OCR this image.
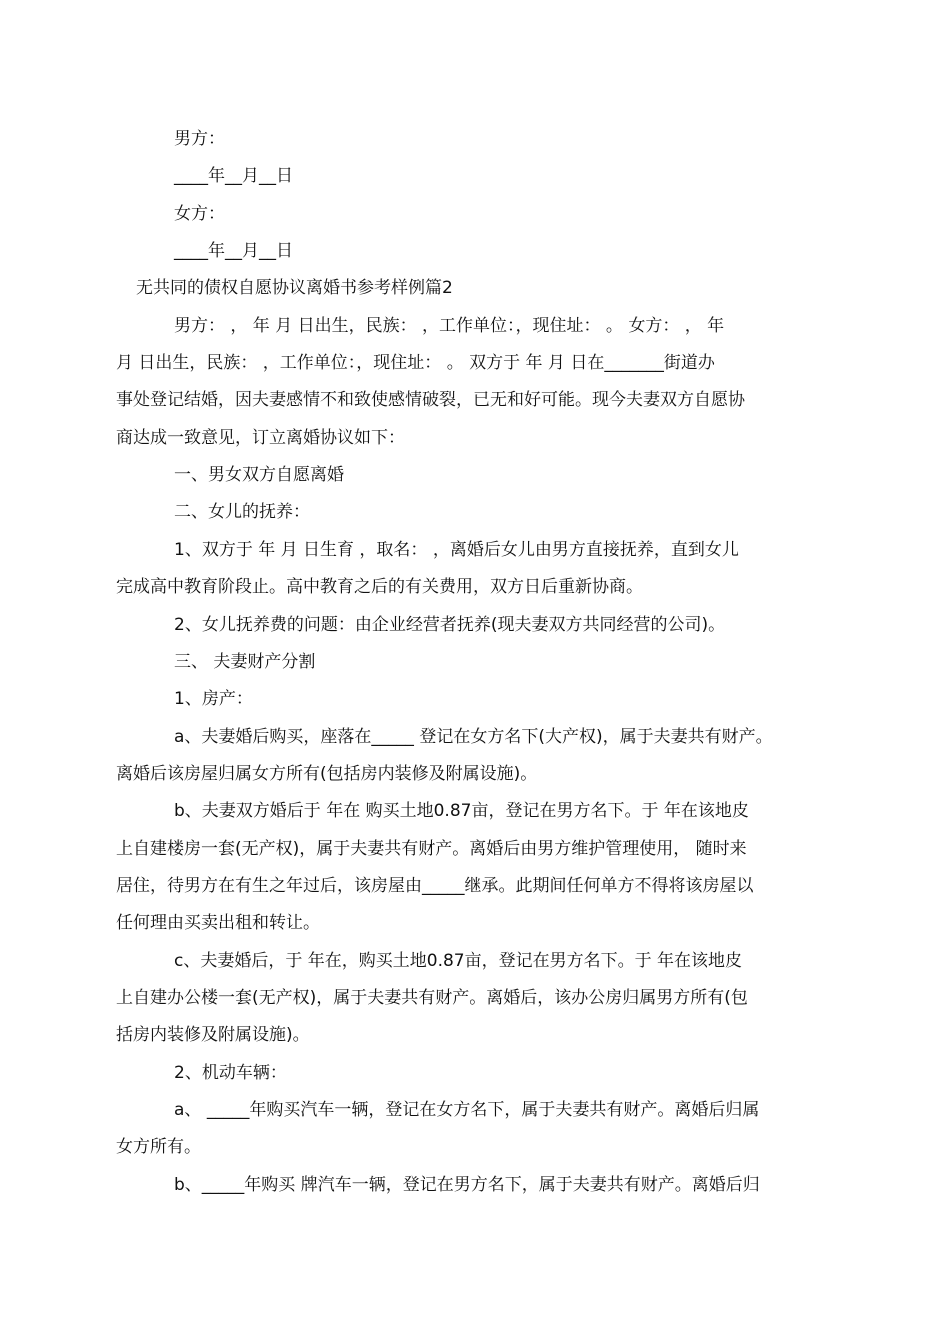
男方：
____年__月__日
女方：
____年__月__日
无共同的债权自愿协议离婚书参考样例篇2
男方： ， 年 月 日出生，民族： ，工作单位：，现住址： 。 女方： ， 年
月 日出生，民族： ，工作单位：，现住址： 。 双方于 年 月 日在_______街道办
事处登记结婚，因夫妻感情不和致使感情破裂，已无和好可能。现今夫妻双方自愿协
商达成一致意见，订立离婚协议如下：
一、男女双方自愿离婚
二、女儿的抚养：
1、双方于 年 月 日生育 ，取名： ，离婚后女儿由男方直接抚养，直到女儿
完成高中教育阶段止。高中教育之后的有关费用，双方日后重新协商。
2、女儿抚养费的问题：由企业经营者抚养(现夫妻双方共同经营的公司)。
三、 夫妻财产分割
1、房产：
a、夫妻婚后购买，座落在_____ 登记在女方名下(大产权)，属于夫妻共有财产。
离婚后该房屋归属女方所有(包括房内装修及附属设施)。
b、夫妻双方婚后于 年在 购买土地0.87亩，登记在男方名下。于 年在该地皮
上自建楼房一套(无产权)，属于夫妻共有财产。离婚后由男方维护管理使用， 随时来
居住，待男方在有生之年过后，该房屋由_____继承。此期间任何单方不得将该房屋以
任何理由买卖出租和转让。
c、夫妻婚后，于 年在，购买土地0.87亩，登记在男方名下。于 年在该地皮
上自建办公楼一套(无产权)，属于夫妻共有财产。离婚后，该办公房归属男方所有(包
括房内装修及附属设施)。
2、机动车辆：
a、 _____年购买汽车一辆，登记在女方名下，属于夫妻共有财产。离婚后归属
女方所有。
b、_____年购买 牌汽车一辆，登记在男方名下，属于夫妻共有财产。离婚后归
